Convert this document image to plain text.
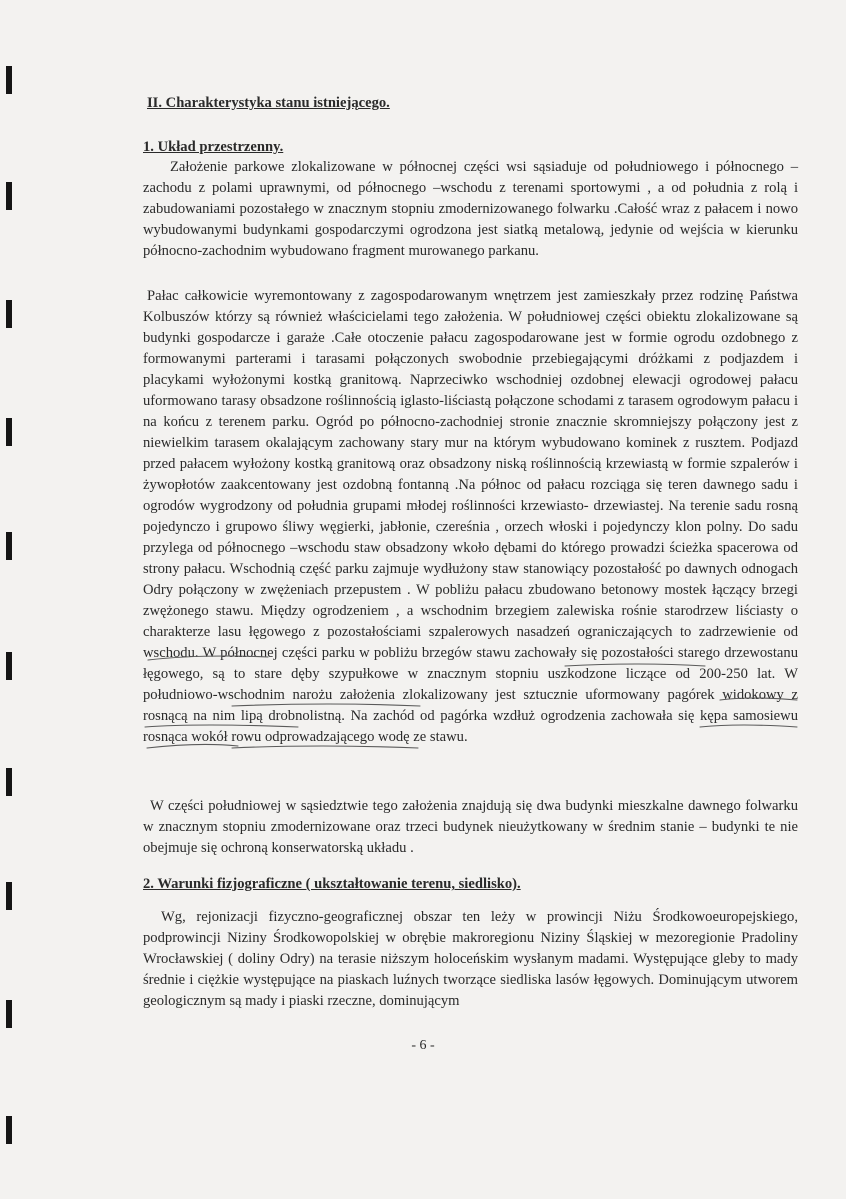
II. Charakterystyka stanu istniejącego.

1. Układ przestrzenny.

Założenie parkowe zlokalizowane w północnej części wsi sąsiaduje od południowego i północnego –zachodu z polami uprawnymi, od północnego –wschodu z terenami sportowymi , a od południa z rolą i zabudowaniami pozostałego w znacznym stopniu zmodernizowanego folwarku .Całość wraz z pałacem i nowo wybudowanymi budynkami gospodarczymi ogrodzona jest siatką metalową, jedynie od wejścia w kierunku północno-zachodnim wybudowano fragment murowanego parkanu.

Pałac całkowicie wyremontowany z zagospodarowanym wnętrzem jest zamieszkały przez rodzinę Państwa Kolbuszów którzy są również właścicielami tego założenia. W południowej części obiektu zlokalizowane są budynki gospodarcze i garaże .Całe otoczenie pałacu zagospodarowane jest w formie ogrodu ozdobnego z formowanymi parterami i tarasami połączonych swobodnie przebiegającymi dróżkami z podjazdem i placykami wyłożonymi kostką granitową. Naprzeciwko wschodniej ozdobnej elewacji ogrodowej pałacu uformowano tarasy obsadzone roślinnością iglasto-liściastą połączone schodami z tarasem ogrodowym pałacu i na końcu z terenem parku. Ogród po północno-zachodniej stronie znacznie skromniejszy połączony jest z niewielkim tarasem okalającym zachowany stary mur na którym wybudowano kominek z rusztem. Podjazd przed pałacem wyłożony kostką granitową oraz obsadzony niską roślinnością krzewiastą w formie szpalerów i żywopłotów zaakcentowany jest ozdobną fontanną .Na północ od pałacu rozciąga się teren dawnego sadu i ogrodów wygrodzony od południa grupami młodej roślinności krzewiasto- drzewiastej. Na terenie sadu rosną pojedynczo i grupowo śliwy węgierki, jabłonie, czereśnia , orzech włoski i pojedynczy klon polny. Do sadu przylega od północnego –wschodu staw obsadzony wkoło dębami do którego prowadzi ścieżka spacerowa od strony pałacu. Wschodnią część parku zajmuje wydłużony staw stanowiący pozostałość po dawnych odnogach Odry połączony w zwężeniach przepustem . W pobliżu pałacu zbudowano betonowy mostek łączący brzegi zwężonego stawu. Między ogrodzeniem , a wschodnim brzegiem zalewiska rośnie starodrzew liściasty o charakterze lasu łęgowego z pozostałościami szpalerowych nasadzeń ograniczających to zadrzewienie od wschodu. W północnej części parku w pobliżu brzegów stawu zachowały się pozostałości starego drzewostanu łęgowego, są to stare dęby szypułkowe w znacznym stopniu uszkodzone liczące od 200-250 lat. W południowo-wschodnim narożu założenia zlokalizowany jest sztucznie uformowany pagórek widokowy z rosnącą na nim lipą drobnolistną. Na zachód od pagórka wzdłuż ogrodzenia zachowała się kępa samosiewu rosnąca wokół rowu odprowadzającego wodę ze stawu.

W części południowej w sąsiedztwie tego założenia znajdują się dwa budynki mieszkalne dawnego folwarku w znacznym stopniu zmodernizowane oraz trzeci budynek nieużytkowany w średnim stanie – budynki te nie obejmuje się ochroną konserwatorską układu .

2. Warunki fizjograficzne ( ukształtowanie terenu, siedlisko).

Wg, rejonizacji fizyczno-geograficznej obszar ten leży w prowincji Niżu Środkowoeuropejskiego, podprowincji Niziny Środkowopolskiej w obrębie makroregionu Niziny Śląskiej w mezoregionie Pradoliny Wrocławskiej ( doliny Odry) na terasie niższym holoceńskim wysłanym madami. Występujące gleby to mady średnie i ciężkie występujące na piaskach luźnych tworzące siedliska lasów łęgowych. Dominującym utworem geologicznym są mady i piaski rzeczne, dominującym

- 6 -
